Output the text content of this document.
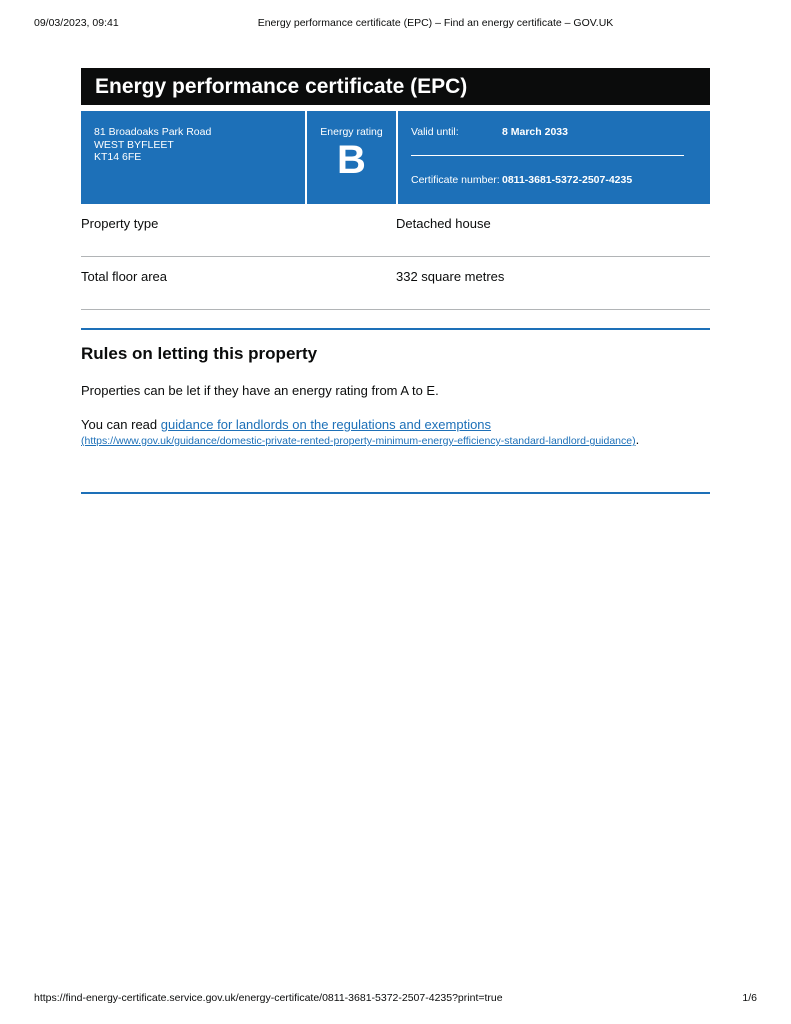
09/03/2023, 09:41	Energy performance certificate (EPC) – Find an energy certificate – GOV.UK
Energy performance certificate (EPC)
81 Broadoaks Park Road
WEST BYFLEET
KT14 6FE
Energy rating
B
Valid until:	8 March 2033
Certificate number: 0811-3681-5372-2507-4235
Property type	Detached house
Total floor area	332 square metres
Rules on letting this property
Properties can be let if they have an energy rating from A to E.
You can read guidance for landlords on the regulations and exemptions
(https://www.gov.uk/guidance/domestic-private-rented-property-minimum-energy-efficiency-standard-landlord-guidance).
https://find-energy-certificate.service.gov.uk/energy-certificate/0811-3681-5372-2507-4235?print=true	1/6
